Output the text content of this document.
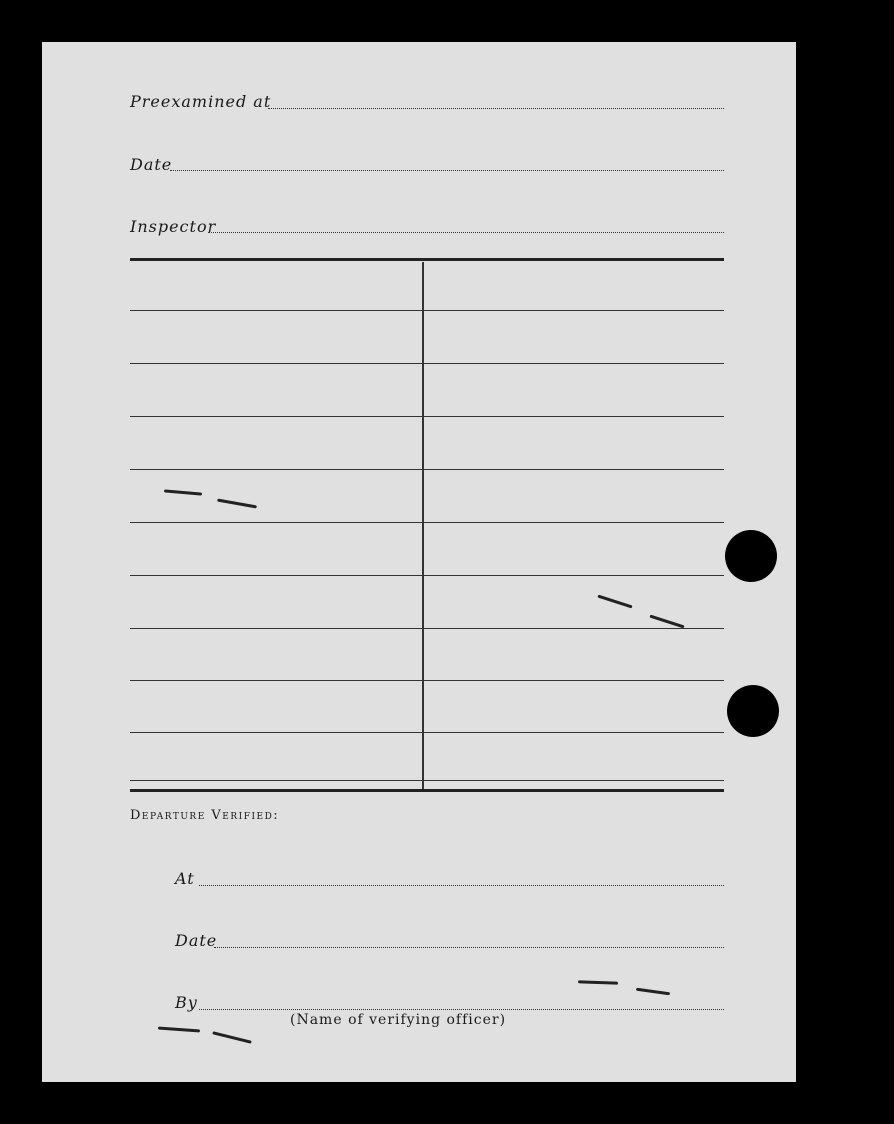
Preexamined at
Date
Inspector
Departure Verified:
At
Date
By
(Name of verifying officer)
